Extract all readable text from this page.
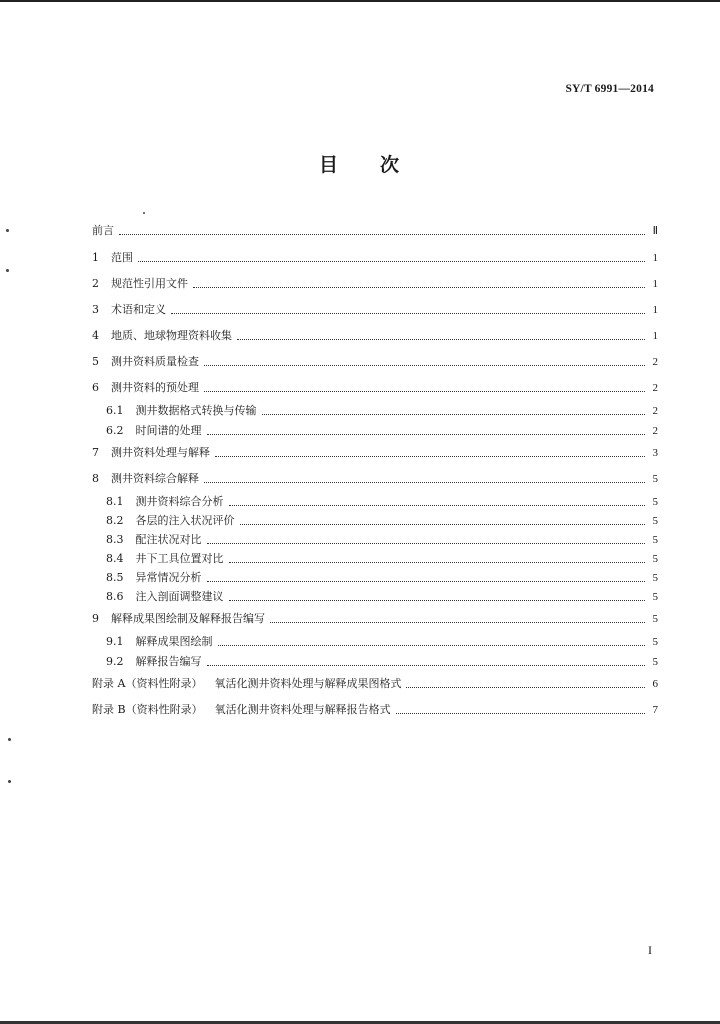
SY/T 6991—2014
目 次
前言	Ⅱ
1 范围	1
2 规范性引用文件	1
3 术语和定义	1
4 地质、地球物理资料收集	1
5 测井资料质量检查	2
6 测井资料的预处理	2
6.1 测井数据格式转换与传输	2
6.2 时间谱的处理	2
7 测井资料处理与解释	3
8 测井资料综合解释	5
8.1 测井资料综合分析	5
8.2 各层的注入状况评价	5
8.3 配注状况对比	5
8.4 井下工具位置对比	5
8.5 异常情况分析	5
8.6 注入剖面调整建议	5
9 解释成果图绘制及解释报告编写	5
9.1 解释成果图绘制	5
9.2 解释报告编写	5
附录 A（资料性附录） 氧活化测井资料处理与解释成果图格式	6
附录 B（资料性附录） 氧活化测井资料处理与解释报告格式	7
I
